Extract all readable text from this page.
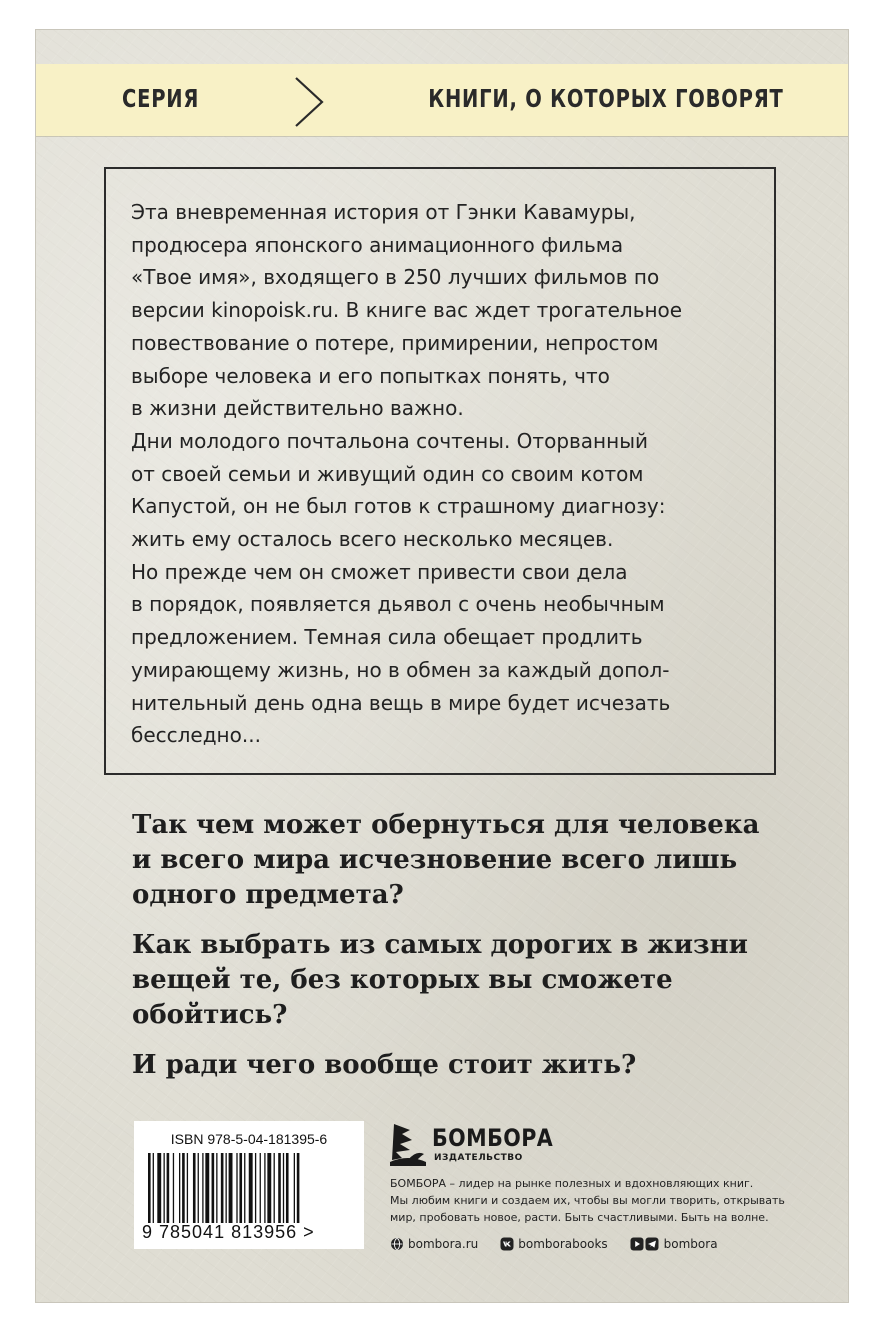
СЕРИЯ	КНИГИ, О КОТОРЫХ ГОВОРЯТ
Эта вневременная история от Гэнки Кавамуры,
продюсера японского анимационного фильма
«Твое имя», входящего в 250 лучших фильмов по
версии kinopoisk.ru. В книге вас ждет трогательное
повествование о потере, примирении, непростом
выборе человека и его попытках понять, что
в жизни действительно важно.
Дни молодого почтальона сочтены. Оторванный
от своей семьи и живущий один со своим котом
Капустой, он не был готов к страшному диагнозу:
жить ему осталось всего несколько месяцев.
Но прежде чем он сможет привести свои дела
в порядок, появляется дьявол с очень необычным
предложением. Темная сила обещает продлить
умирающему жизнь, но в обмен за каждый допол-
нительный день одна вещь в мире будет исчезать
бесследно...
Так чем может обернуться для человека
и всего мира исчезновение всего лишь
одного предмета?
Как выбрать из самых дорогих в жизни
вещей те, без которых вы сможете
обойтись?
И ради чего вообще стоит жить?
ISBN 978-5-04-181395-6
9 785041 813956 >
БОМБОРА
ИЗДАТЕЛЬСТВО
БОМБОРА – лидер на рынке полезных и вдохновляющих книг.
Мы любим книги и создаем их, чтобы вы могли творить, открывать
мир, пробовать новое, расти. Быть счастливыми. Быть на волне.
bombora.ru	bomborabooks	bombora
